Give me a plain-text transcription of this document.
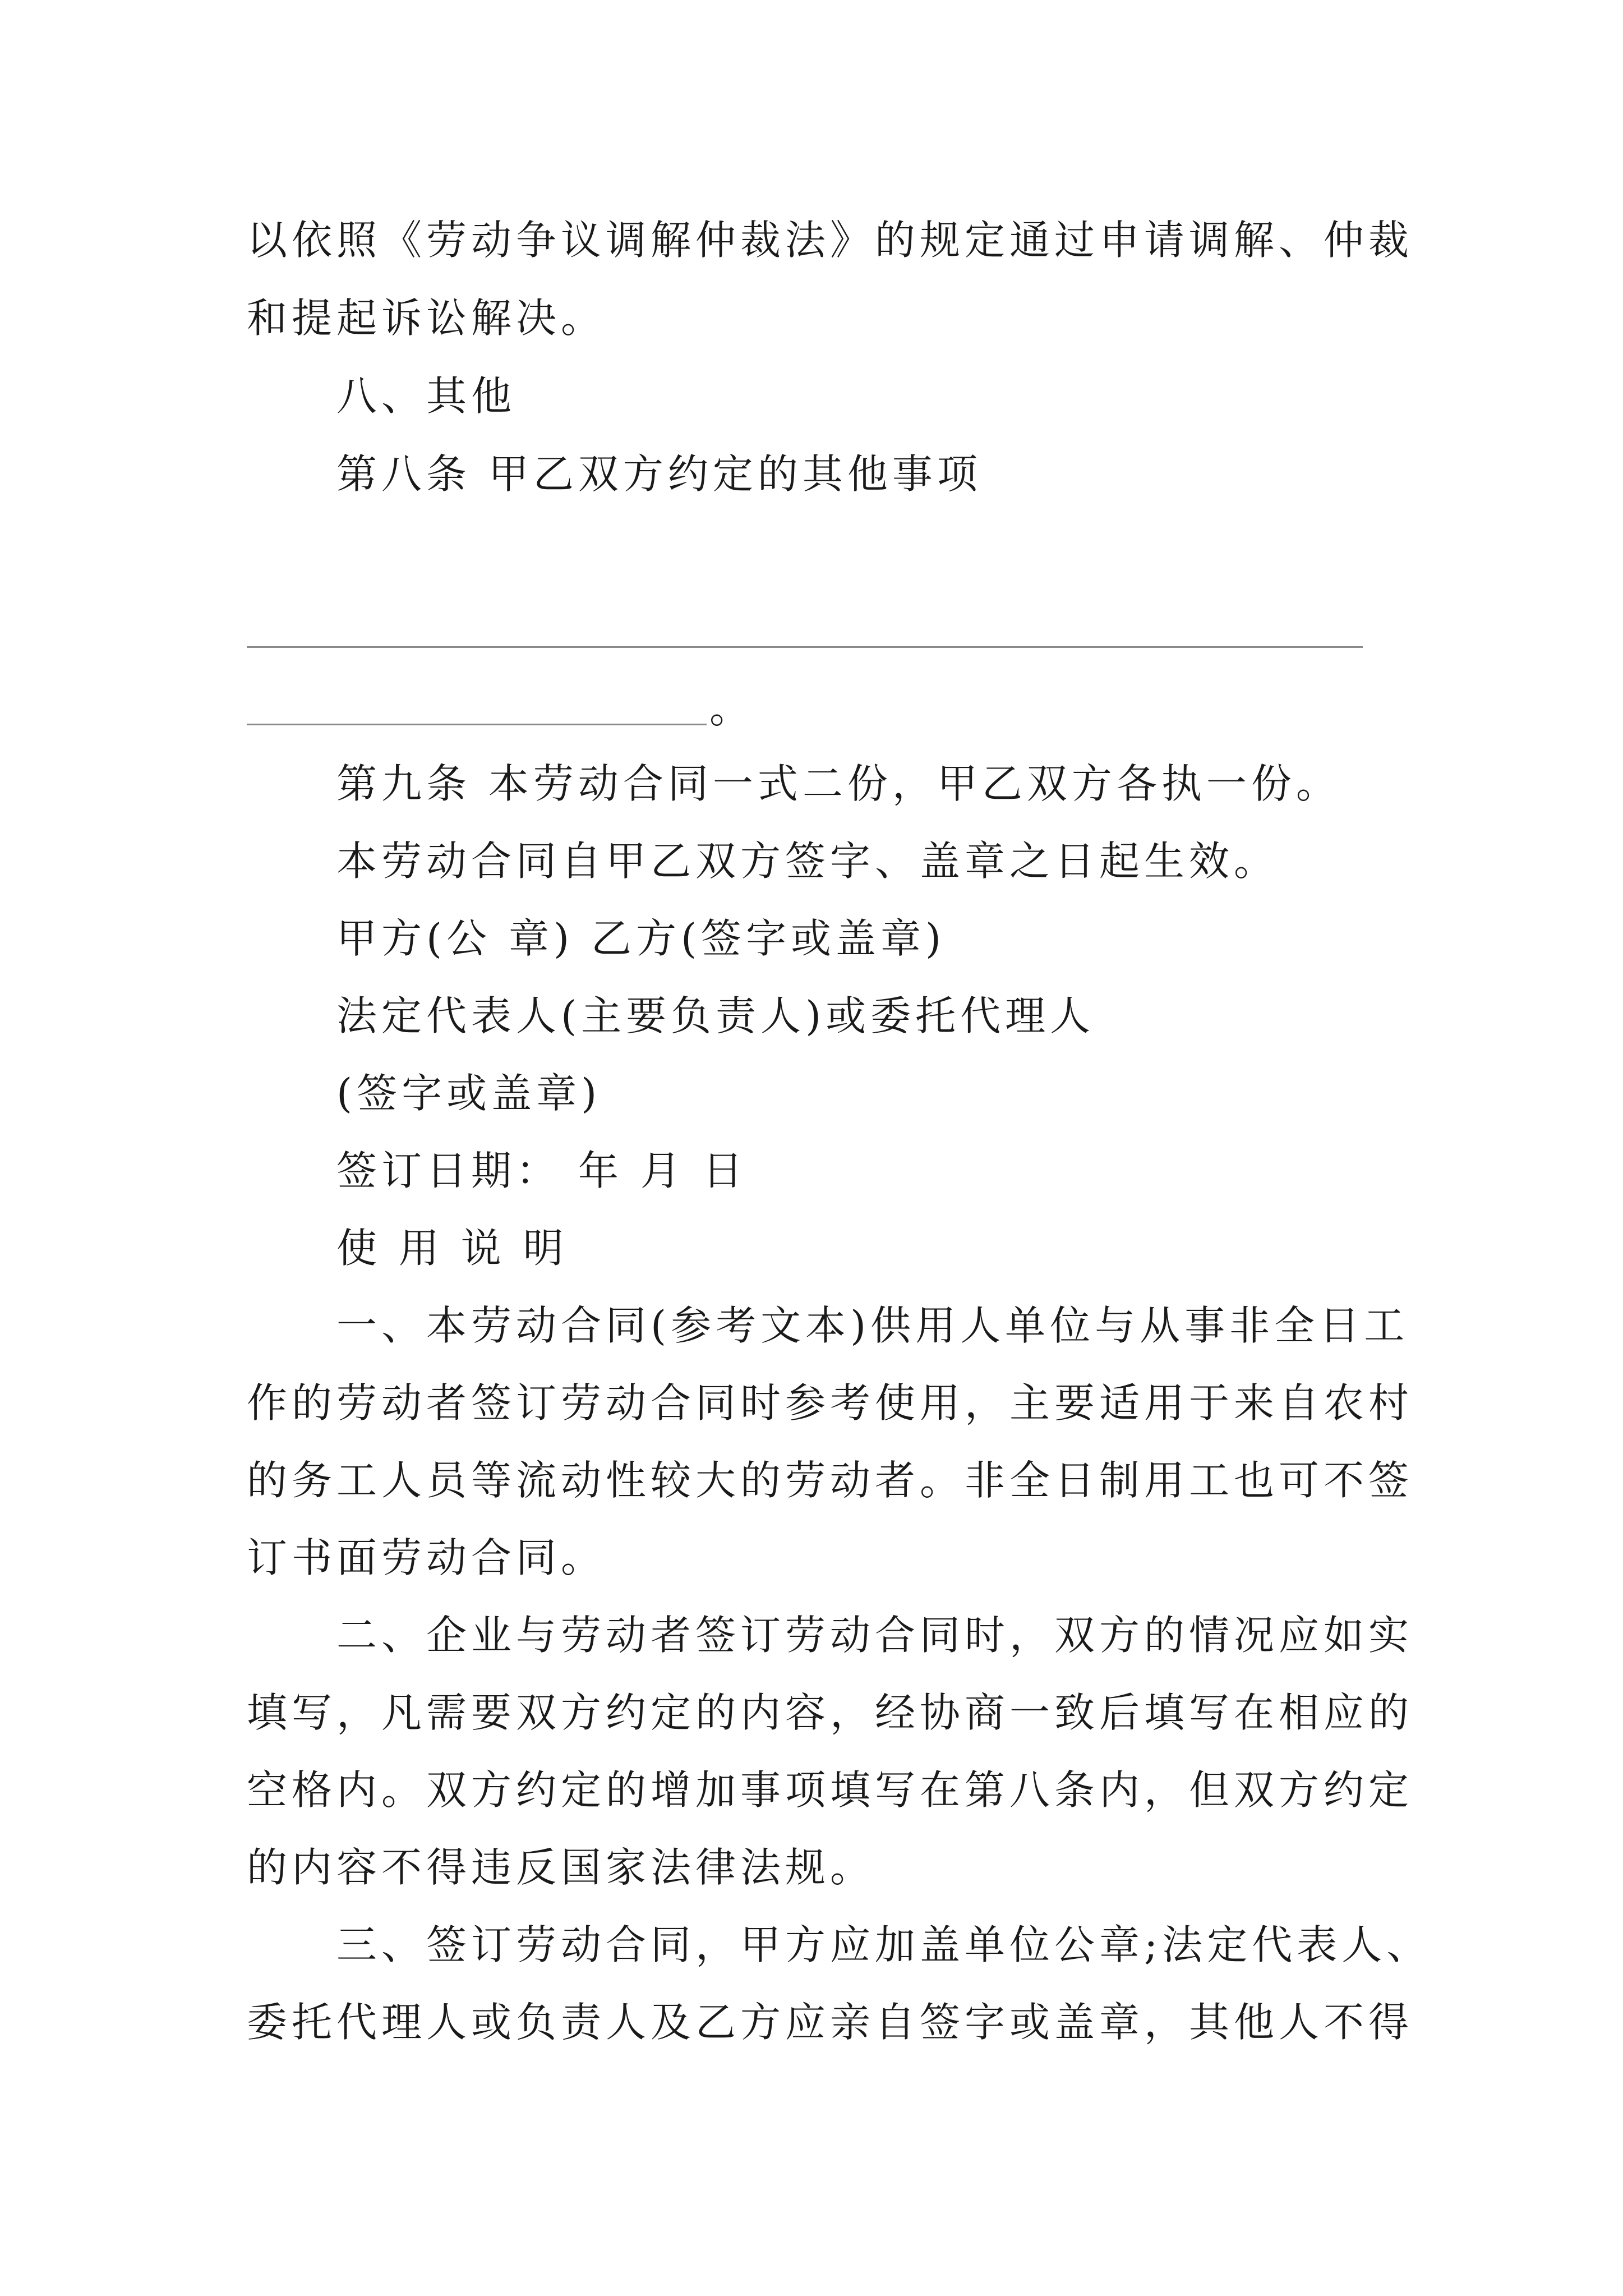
以依照《劳动争议调解仲裁法》的规定通过申请调解、仲裁
和提起诉讼解决。
八、其他
第八条 甲乙双方约定的其他事项
。
第九条 本劳动合同一式二份，甲乙双方各执一份。
本劳动合同自甲乙双方签字、盖章之日起生效。
甲方(公 章) 乙方(签字或盖章)
法定代表人(主要负责人)或委托代理人
(签字或盖章)
签订日期： 年 月 日
使 用 说 明
一、本劳动合同(参考文本)供用人单位与从事非全日工
作的劳动者签订劳动合同时参考使用，主要适用于来自农村
的务工人员等流动性较大的劳动者。非全日制用工也可不签
订书面劳动合同。
二、企业与劳动者签订劳动合同时，双方的情况应如实
填写，凡需要双方约定的内容，经协商一致后填写在相应的
空格内。双方约定的增加事项填写在第八条内，但双方约定
的内容不得违反国家法律法规。
三、签订劳动合同，甲方应加盖单位公章;法定代表人、
委托代理人或负责人及乙方应亲自签字或盖章，其他人不得
